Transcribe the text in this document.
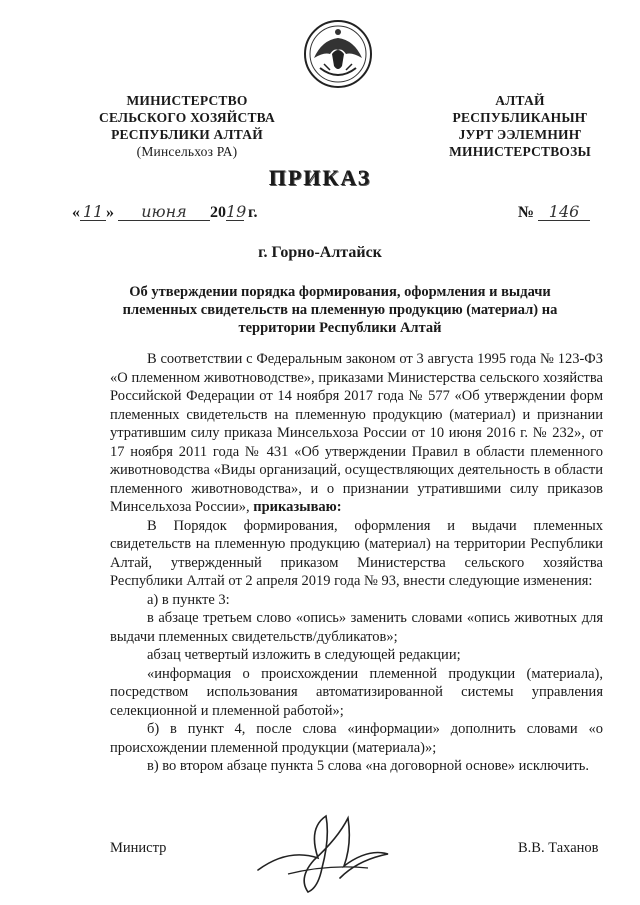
МИНИСТЕРСТВО
СЕЛЬСКОГО ХОЗЯЙСТВА
РЕСПУБЛИКИ АЛТАЙ
(Минсельхоз РА)
АЛТАЙ
РЕСПУБЛИКАНЫҤ
ЈУРТ ЭЭЛЕМНИҤ
МИНИСТЕРСТВОЗЫ
ПРИКАЗ
« 11 » июня 2019 г.	№ 146
г. Горно-Алтайск
Об утверждении порядка формирования, оформления и выдачи племенных свидетельств на племенную продукцию (материал) на территории Республики Алтай

В соответствии с Федеральным законом от 3 августа 1995 года № 123-ФЗ «О племенном животноводстве», приказами Министерства сельского хозяйства Российской Федерации от 14 ноября 2017 года № 577 «Об утверждении форм племенных свидетельств на племенную продукцию (материал) и признании утратившим силу приказа Минсельхоза России от 10 июня 2016 г. № 232», от 17 ноября 2011 года № 431 «Об утверждении Правил в области племенного животноводства «Виды организаций, осуществляющих деятельность в области племенного животноводства», и о признании утратившими силу приказов Минсельхоза России», приказываю:

В Порядок формирования, оформления и выдачи племенных свидетельств на племенную продукцию (материал) на территории Республики Алтай, утвержденный приказом Министерства сельского хозяйства Республики Алтай от 2 апреля 2019 года № 93, внести следующие изменения:

а) в пункте 3:

в абзаце третьем слово «опись» заменить словами «опись животных для выдачи племенных свидетельств/дубликатов»;

абзац четвертый изложить в следующей редакции;

«информация о происхождении племенной продукции (материала), посредством использования автоматизированной системы управления селекционной и племенной работой»;

б) в пункт 4, после слова «информации» дополнить словами «о происхождении племенной продукции (материала)»;

в) во втором абзаце пункта 5 слова «на договорной основе» исключить.

Министр	В.В. Таханов
